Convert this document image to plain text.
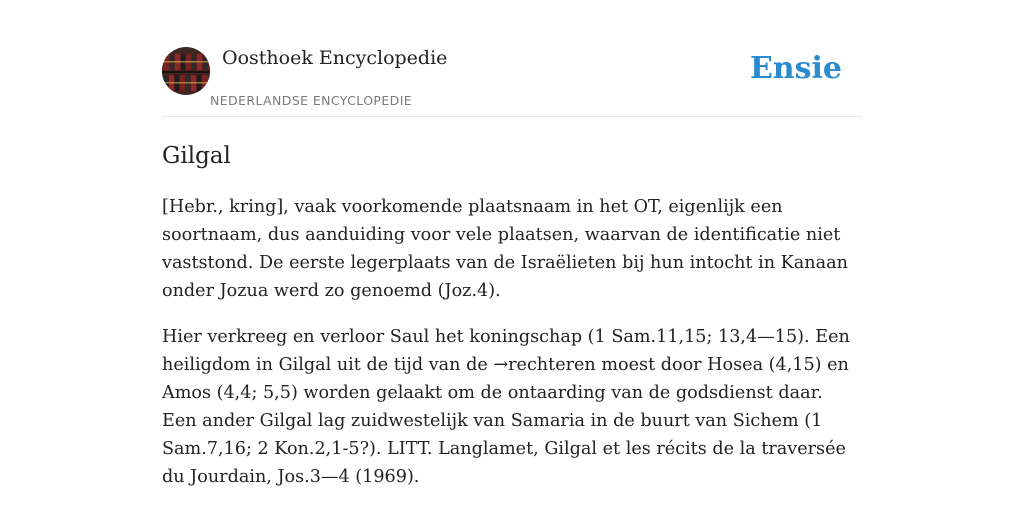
Oosthoek Encyclopedie

NEDERLANDSE ENCYCLOPEDIE

Ensie
Gilgal

[Hebr., kring], vaak voorkomende plaatsnaam in het OT, eigenlijk een soortnaam, dus aanduiding voor vele plaatsen, waarvan de identificatie niet vaststond. De eerste legerplaats van de Israëlieten bij hun intocht in Kanaan onder Jozua werd zo genoemd (Joz.4).

Hier verkreeg en verloor Saul het koningschap (1 Sam.11,15; 13,4—15). Een heiligdom in Gilgal uit de tijd van de →rechteren moest door Hosea (4,15) en Amos (4,4; 5,5) worden gelaakt om de ontaarding van de godsdienst daar. Een ander Gilgal lag zuidwestelijk van Samaria in de buurt van Sichem (1 Sam.7,16; 2 Kon.2,1-5?). LITT. Langlamet, Gilgal et les récits de la traversée du Jourdain, Jos.3—4 (1969).
